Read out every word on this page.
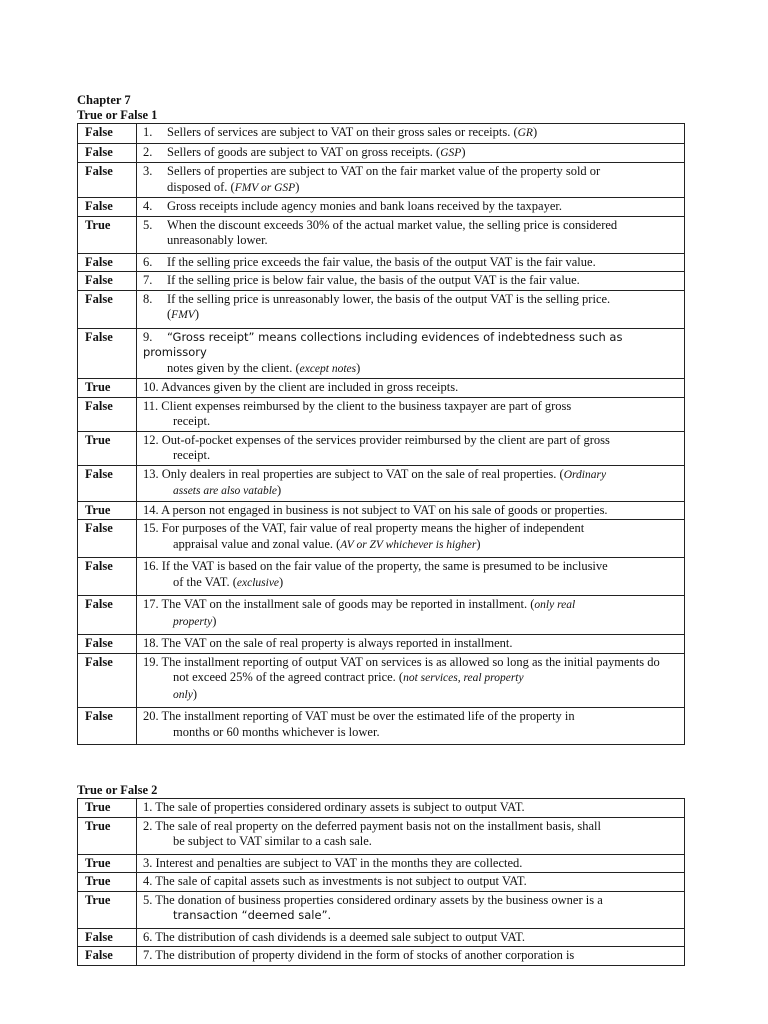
Chapter 7
True or False 1
False	1. Sellers of services are subject to VAT on their gross sales or receipts. (GR)
False	2. Sellers of goods are subject to VAT on gross receipts. (GSP)
False	3. Sellers of properties are subject to VAT on the fair market value of the property sold or
disposed of. (FMV or GSP)

False	4. Gross receipts include agency monies and bank loans received by the taxpayer.
True	5. When the discount exceeds 30% of the actual market value, the selling price is considered
unreasonably lower.

False	6. If the selling price exceeds the fair value, the basis of the output VAT is the fair value.
False	7. If the selling price is below fair value, the basis of the output VAT is the fair value.
False	8. If the selling price is unreasonably lower, the basis of the output VAT is the selling price.
(FMV)

False	9. “Gross receipt” means collections including evidences of indebtedness such as promissory
notes given by the client. (except notes)

True	10. Advances given by the client are included in gross receipts.
False	11. Client expenses reimbursed by the client to the business taxpayer are part of gross
receipt.

True	12. Out-of-pocket expenses of the services provider reimbursed by the client are part of gross
receipt.

False	13. Only dealers in real properties are subject to VAT on the sale of real properties. (Ordinary
assets are also vatable)

True	14. A person not engaged in business is not subject to VAT on his sale of goods or properties.
False	15. For purposes of the VAT, fair value of real property means the higher of independent
appraisal value and zonal value. (AV or ZV whichever is higher)

False	16. If the VAT is based on the fair value of the property, the same is presumed to be inclusive
of the VAT. (exclusive)

False	17. The VAT on the installment sale of goods may be reported in installment. (only real
property)

False	18. The VAT on the sale of real property is always reported in installment.
False	19. The installment reporting of output VAT on services is as allowed so long as the initial payments do
not exceed 25% of the agreed contract price. (not services, real property
only)

False	20. The installment reporting of VAT must be over the estimated life of the property in
months or 60 months whichever is lower.
True or False 2
True	1. The sale of properties considered ordinary assets is subject to output VAT.
True	2. The sale of real property on the deferred payment basis not on the installment basis, shall
be subject to VAT similar to a cash sale.

True	3. Interest and penalties are subject to VAT in the months they are collected.
True	4. The sale of capital assets such as investments is not subject to output VAT.
True	5. The donation of business properties considered ordinary assets by the business owner is a
transaction “deemed sale”.

False	6. The distribution of cash dividends is a deemed sale subject to output VAT.
False	7. The distribution of property dividend in the form of stocks of another corporation is
